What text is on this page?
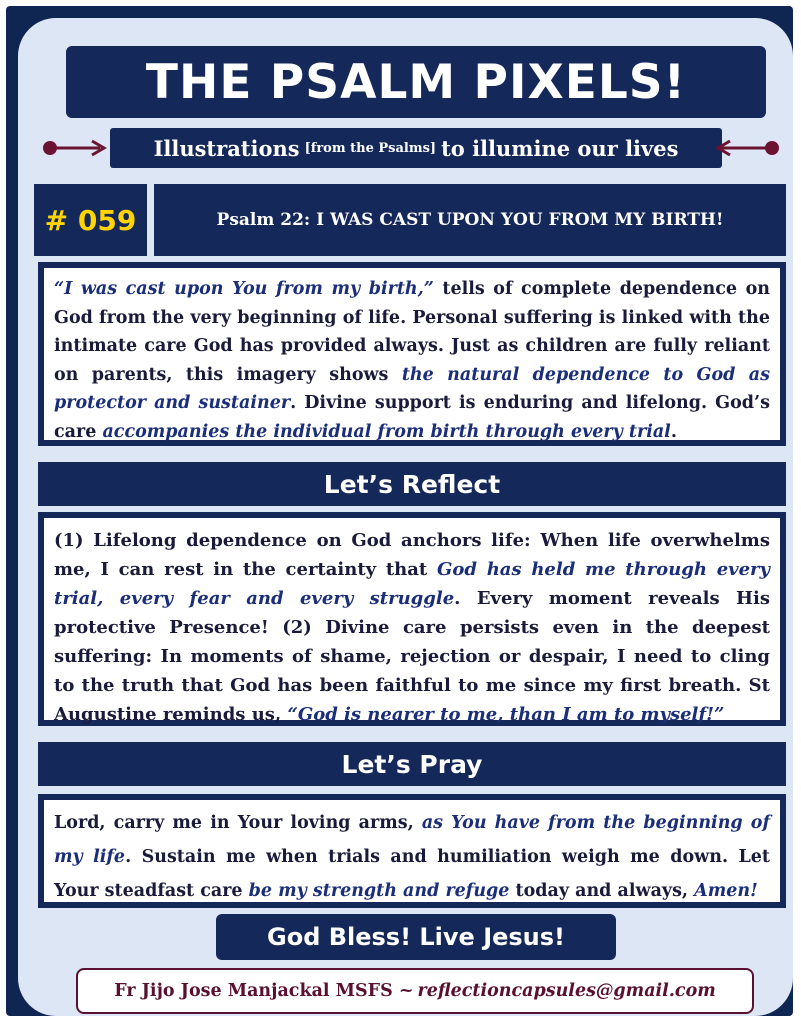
THE PSALM PIXELS!
Illustrations [from the Psalms] to illumine our lives
# 059	Psalm 22: I WAS CAST UPON YOU FROM MY BIRTH!

“I was cast upon You from my birth,” tells of complete dependence on God from the very beginning of life. Personal suffering is linked with the intimate care God has provided always. Just as children are fully reliant on parents, this imagery shows the natural dependence to God as protector and sustainer. Divine support is enduring and lifelong. God’s care accompanies the individual from birth through every trial.

Let’s Reflect

(1) Lifelong dependence on God anchors life: When life overwhelms me, I can rest in the certainty that God has held me through every trial, every fear and every struggle. Every moment reveals His protective Presence! (2) Divine care persists even in the deepest suffering: In moments of shame, rejection or despair, I need to cling to the truth that God has been faithful to me since my first breath. St Augustine reminds us, “God is nearer to me, than I am to myself!”

Let’s Pray

Lord, carry me in Your loving arms, as You have from the beginning of my life. Sustain me when trials and humiliation weigh me down. Let Your steadfast care be my strength and refuge today and always, Amen!

God Bless! Live Jesus!
Fr Jijo Jose Manjackal MSFS ~ reflectioncapsules@gmail.com
